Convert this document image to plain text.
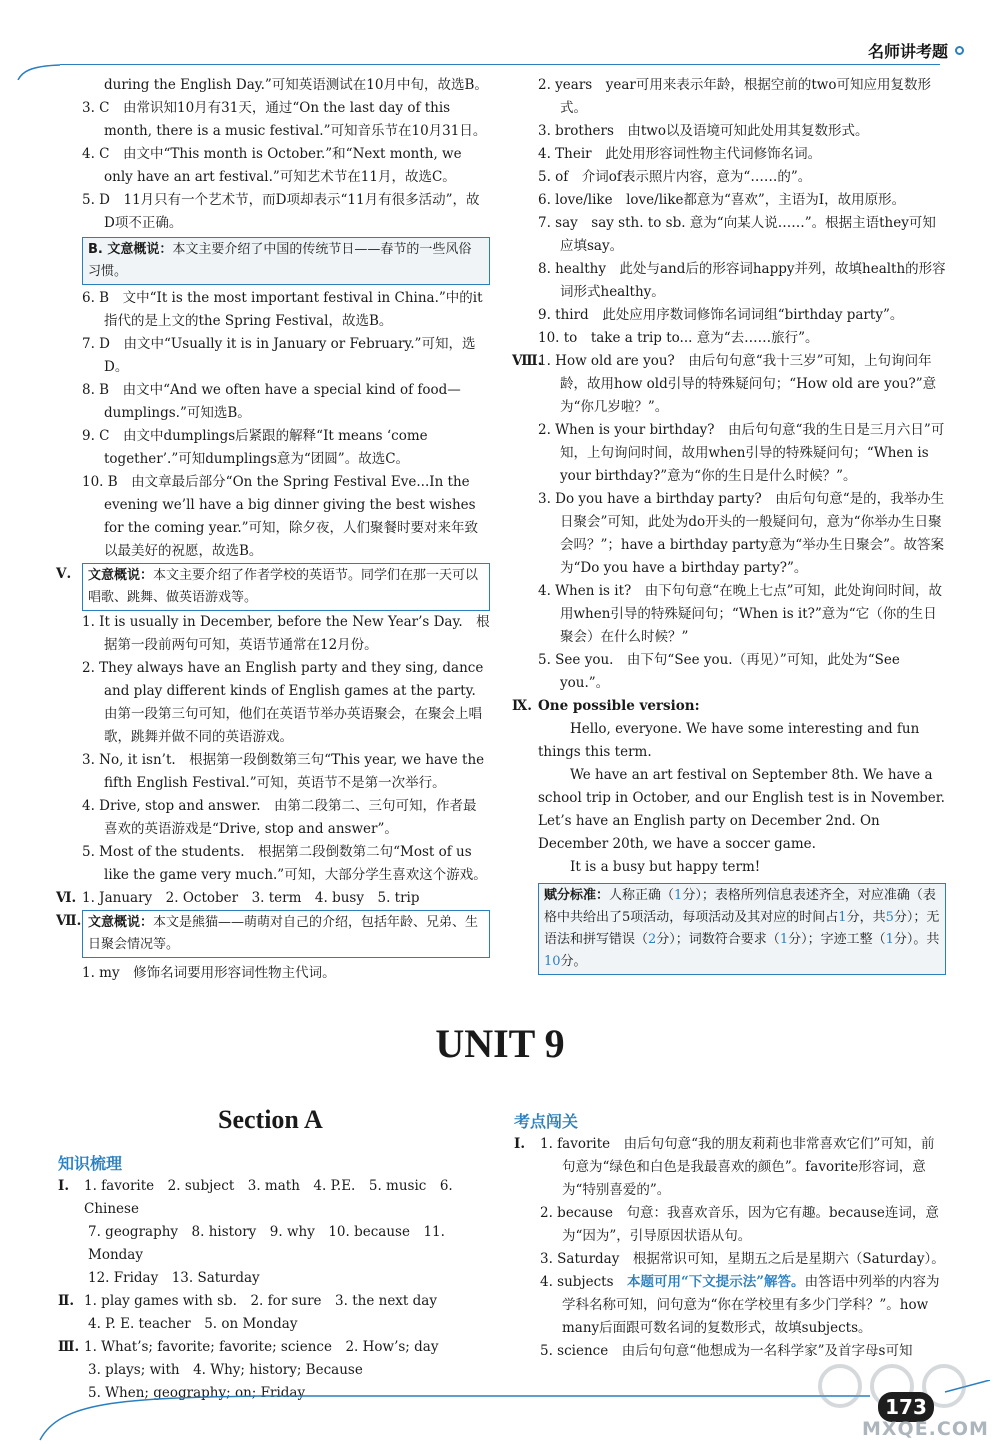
名师讲考题
during the English Day.”可知英语测试在10月中旬，故选B。
3. C　由常识知10月有31天，通过“On the last day of this month, there is a music festival.”可知音乐节在10月31日。
4. C　由文中“This month is October.”和“Next month, we only have an art festival.”可知艺术节在11月，故选C。
5. D　11月只有一个艺术节，而D项却表示“11月有很多活动”，故D项不正确。
B. 文意概说：本文主要介绍了中国的传统节日——春节的一些风俗习惯。
6. B　文中“It is the most important festival in China.”中的it指代的是上文的the Spring Festival，故选B。
7. D　由文中“Usually it is in January or February.”可知，选D。
8. B　由文中“And we often have a special kind of food—dumplings.”可知选B。
9. C　由文中dumplings后紧跟的解释“It means ‘come together’.”可知dumplings意为“团圆”。故选C。
10. B　由文章最后部分“On the Spring Festival Eve...In the evening we’ll have a big dinner giving the best wishes for the coming year.”可知，除夕夜，人们聚餐时要对来年致以最美好的祝愿，故选B。
Ⅴ.	文意概说：本文主要介绍了作者学校的英语节。同学们在那一天可以唱歌、跳舞、做英语游戏等。
1. It is usually in December, before the New Year’s Day.　根据第一段前两句可知，英语节通常在12月份。
2. They always have an English party and they sing, dance and play different kinds of English games at the party.　由第一段第三句可知，他们在英语节举办英语聚会，在聚会上唱歌，跳舞并做不同的英语游戏。
3. No, it isn’t.　根据第一段倒数第三句“This year, we have the fifth English Festival.”可知，英语节不是第一次举行。
4. Drive, stop and answer.　由第二段第二、三句可知，作者最喜欢的英语游戏是“Drive, stop and answer”。
5. Most of the students.　根据第二段倒数第二句“Most of us like the game very much.”可知，大部分学生喜欢这个游戏。
Ⅵ. 1. January　2. October　3. term　4. busy　5. trip
Ⅶ. 文意概说：本文是熊猫——萌萌对自己的介绍，包括年龄、兄弟、生日聚会情况等。
1. my　修饰名词要用形容词性物主代词。
2. years　year可用来表示年龄，根据空前的two可知应用复数形式。
3. brothers　由two以及语境可知此处用其复数形式。
4. Their　此处用形容词性物主代词修饰名词。
5. of　介词of表示照片内容，意为“……的”。
6. love/like　love/like都意为“喜欢”，主语为I，故用原形。
7. say　say sth. to sb. 意为“向某人说……”。根据主语they可知应填say。
8. healthy　此处与and后的形容词happy并列，故填health的形容词形式healthy。
9. third　此处应用序数词修饰名词词组“birthday party”。
10. to　take a trip to... 意为“去……旅行”。
Ⅷ.
1. How old are you?　由后句句意“我十三岁”可知，上句询问年龄，故用how old引导的特殊疑问句；“How old are you?”意为“你几岁啦？”。
2. When is your birthday?　由后句句意“我的生日是三月六日”可知，上句询问时间，故用when引导的特殊疑问句；“When is your birthday?”意为“你的生日是什么时候？”。
3. Do you have a birthday party?　由后句句意“是的，我举办生日聚会”可知，此处为do开头的一般疑问句，意为“你举办生日聚会吗？”；have a birthday party意为“举办生日聚会”。故答案为“Do you have a birthday party?”。
4. When is it?　由下句句意“在晚上七点”可知，此处询问时间，故用when引导的特殊疑问句；“When is it?”意为“它（你的生日聚会）在什么时候？”
5. See you.　由下句“See you.（再见）”可知，此处为“See you.”。
Ⅸ. One possible version:
Hello, everyone. We have some interesting and fun things this term.
We have an art festival on September 8th. We have a school trip in October, and our English test is in November. Let’s have an English party on December 2nd. On December 20th, we have a soccer game.
It is a busy but happy term!
赋分标准：人称正确（1分）；表格所列信息表述齐全，对应准确（表格中共给出了5项活动，每项活动及其对应的时间占1分，共5分）；无语法和拼写错误（2分）；词数符合要求（1分）；字迹工整（1分）。共10分。
UNIT 9
Section A
知识梳理
Ⅰ.	1. favorite　2. subject　3. math　4. P.E.　5. music　6. Chinese
7. geography　8. history　9. why　10. because　11. Monday
12. Friday　13. Saturday
Ⅱ. 1. play games with sb.　2. for sure　3. the next day
4. P. E. teacher　5. on Monday
Ⅲ. 1. What’s; favorite; favorite; science　2. How’s; day
3. plays; with　4. Why; history; Because
5. When; geography; on; Friday
考点闯关
Ⅰ.	1. favorite　由后句句意“我的朋友莉莉也非常喜欢它们”可知，前句意为“绿色和白色是我最喜欢的颜色”。favorite形容词，意为“特别喜爱的”。
2. because　句意：我喜欢音乐，因为它有趣。because连词，意为“因为”，引导原因状语从句。
3. Saturday　根据常识可知，星期五之后是星期六（Saturday）。
4. subjects　本题可用“下文提示法”解答。由答语中列举的内容为学科名称可知，问句意为“你在学校里有多少门学科？”。how many后面跟可数名词的复数形式，故填subjects。
5. science　由后句句意“他想成为一名科学家”及首字母s可知
173
MXQE.COM
